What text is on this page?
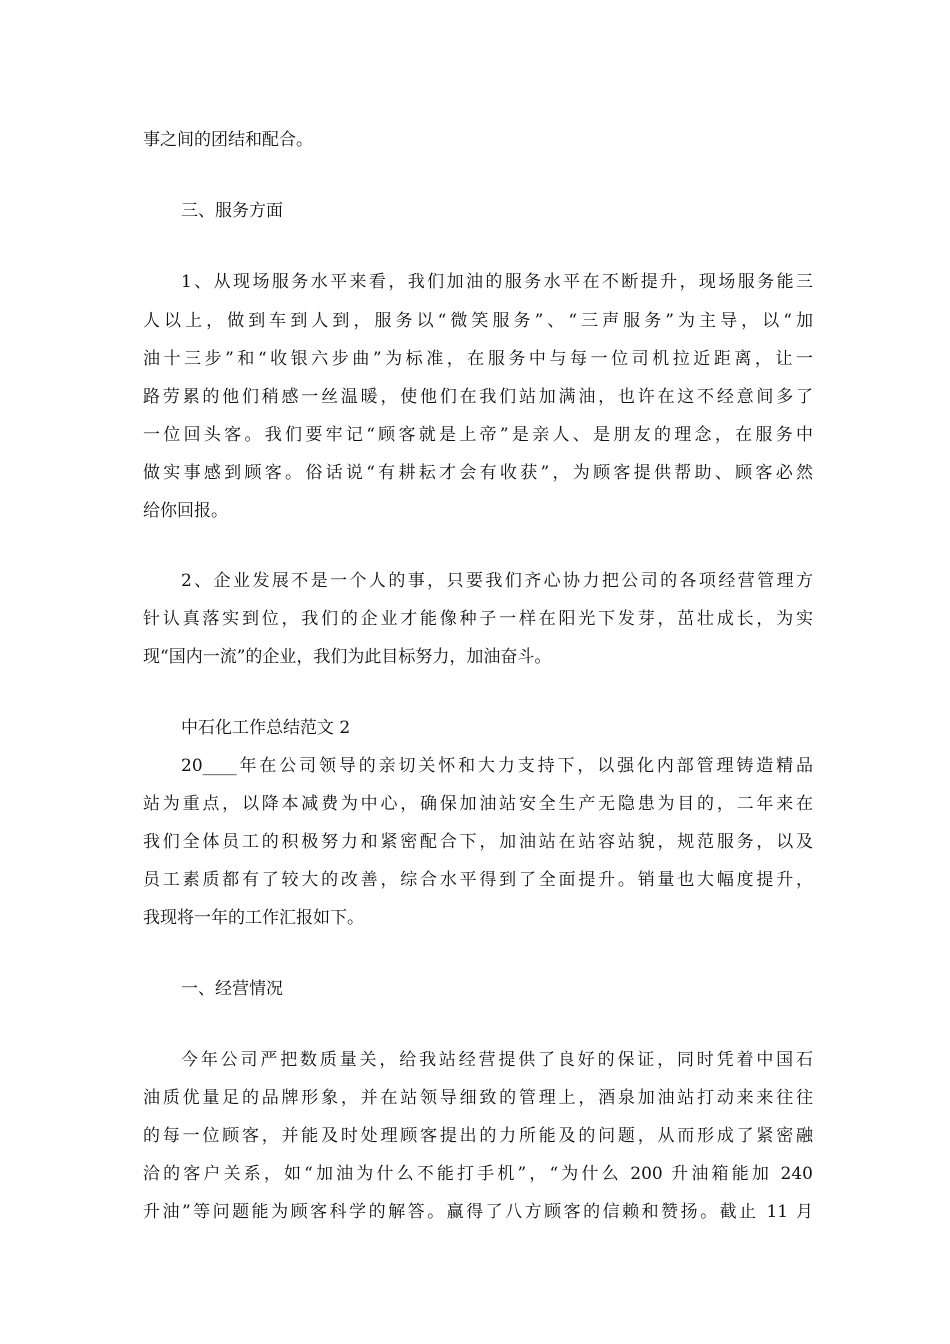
事之间的团结和配合。
三、服务方面
1、从现场服务水平来看，我们加油的服务水平在不断提升，现场服务能三
人以上，做到车到人到，服务以“微笑服务”、“三声服务”为主导，以“加
油十三步”和“收银六步曲”为标准，在服务中与每一位司机拉近距离，让一
路劳累的他们稍感一丝温暖，使他们在我们站加满油，也许在这不经意间多了
一位回头客。我们要牢记“顾客就是上帝”是亲人、是朋友的理念，在服务中
做实事感到顾客。俗话说“有耕耘才会有收获”，为顾客提供帮助、顾客必然
给你回报。
2、企业发展不是一个人的事，只要我们齐心协力把公司的各项经营管理方
针认真落实到位，我们的企业才能像种子一样在阳光下发芽，茁壮成长，为实
现“国内一流”的企业，我们为此目标努力，加油奋斗。
中石化工作总结范文 2
20____年在公司领导的亲切关怀和大力支持下，以强化内部管理铸造精品
站为重点，以降本减费为中心，确保加油站安全生产无隐患为目的，二年来在
我们全体员工的积极努力和紧密配合下，加油站在站容站貌，规范服务，以及
员工素质都有了较大的改善，综合水平得到了全面提升。销量也大幅度提升，
我现将一年的工作汇报如下。
一、经营情况
今年公司严把数质量关，给我站经营提供了良好的保证，同时凭着中国石
油质优量足的品牌形象，并在站领导细致的管理上，酒泉加油站打动来来往往
的每一位顾客，并能及时处理顾客提出的力所能及的问题，从而形成了紧密融
洽的客户关系，如“加油为什么不能打手机”，“为什么 200 升油箱能加 240
升油”等问题能为顾客科学的解答。赢得了八方顾客的信赖和赞扬。截止 11 月
